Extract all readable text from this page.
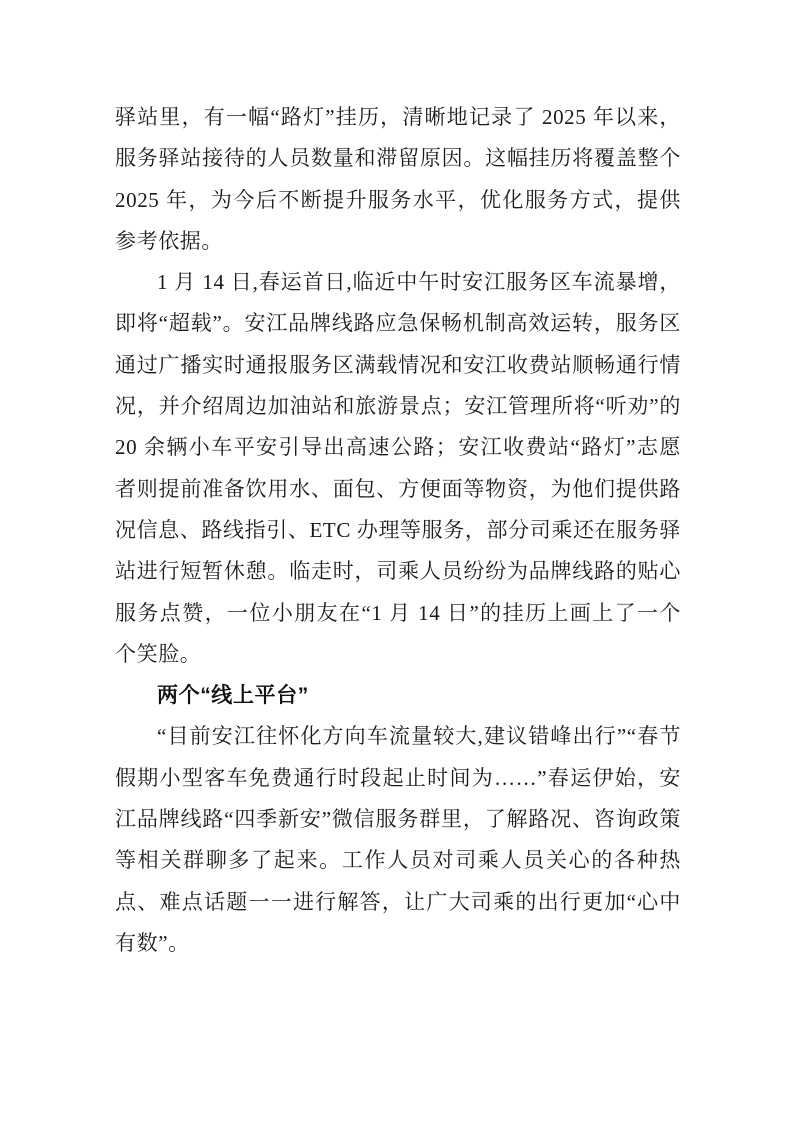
驿站里，有一幅“路灯”挂历，清晰地记录了 2025 年以来，服务驿站接待的人员数量和滞留原因。这幅挂历将覆盖整个 2025 年，为今后不断提升服务水平，优化服务方式，提供参考依据。

1 月 14 日,春运首日,临近中午时安江服务区车流暴增，即将“超载”。安江品牌线路应急保畅机制高效运转，服务区通过广播实时通报服务区满载情况和安江收费站顺畅通行情况，并介绍周边加油站和旅游景点；安江管理所将“听劝”的 20 余辆小车平安引导出高速公路；安江收费站“路灯”志愿者则提前准备饮用水、面包、方便面等物资，为他们提供路况信息、路线指引、ETC 办理等服务，部分司乘还在服务驿站进行短暂休憩。临走时，司乘人员纷纷为品牌线路的贴心服务点赞，一位小朋友在“1 月 14 日”的挂历上画上了一个个笑脸。

两个“线上平台”

“目前安江往怀化方向车流量较大,建议错峰出行”“春节假期小型客车免费通行时段起止时间为……”春运伊始，安江品牌线路“四季新安”微信服务群里，了解路况、咨询政策等相关群聊多了起来。工作人员对司乘人员关心的各种热点、难点话题一一进行解答，让广大司乘的出行更加“心中有数”。
